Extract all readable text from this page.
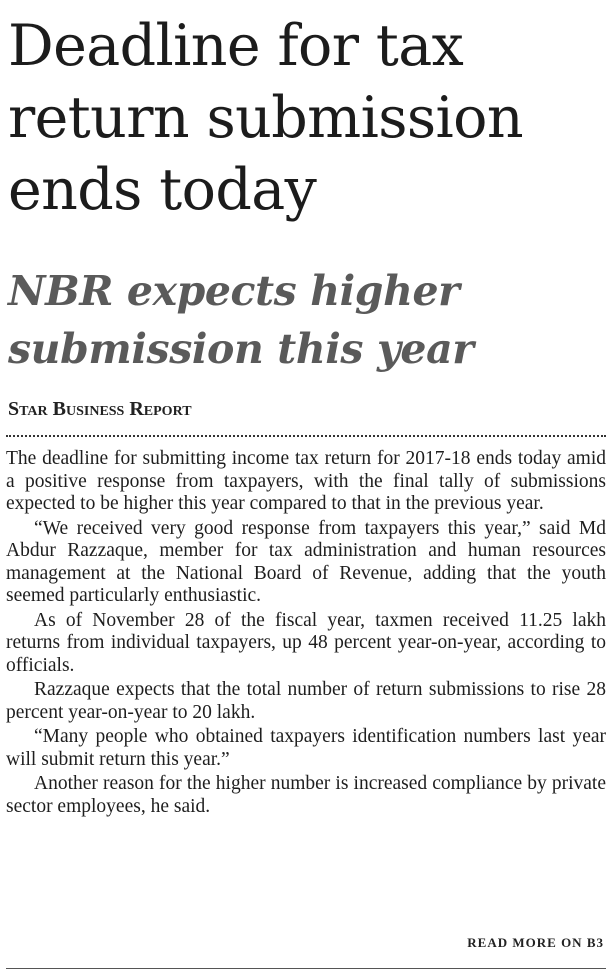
Deadline for tax return submission ends today
NBR expects higher submission this year

Star Business Report

The deadline for submitting income tax return for 2017-18 ends today amid a positive response from taxpayers, with the final tally of submissions expected to be higher this year compared to that in the previous year.

“We received very good response from taxpayers this year,” said Md Abdur Razzaque, member for tax administration and human resources management at the National Board of Revenue, adding that the youth seemed particularly enthusiastic.

As of November 28 of the fiscal year, taxmen received 11.25 lakh returns from individual taxpayers, up 48 percent year-on-year, according to officials.

Razzaque expects that the total number of return submissions to rise 28 percent year-on-year to 20 lakh.

“Many people who obtained taxpayers identification numbers last year will submit return this year.”

Another reason for the higher number is increased compliance by private sector employees, he said.

READ MORE ON B3
